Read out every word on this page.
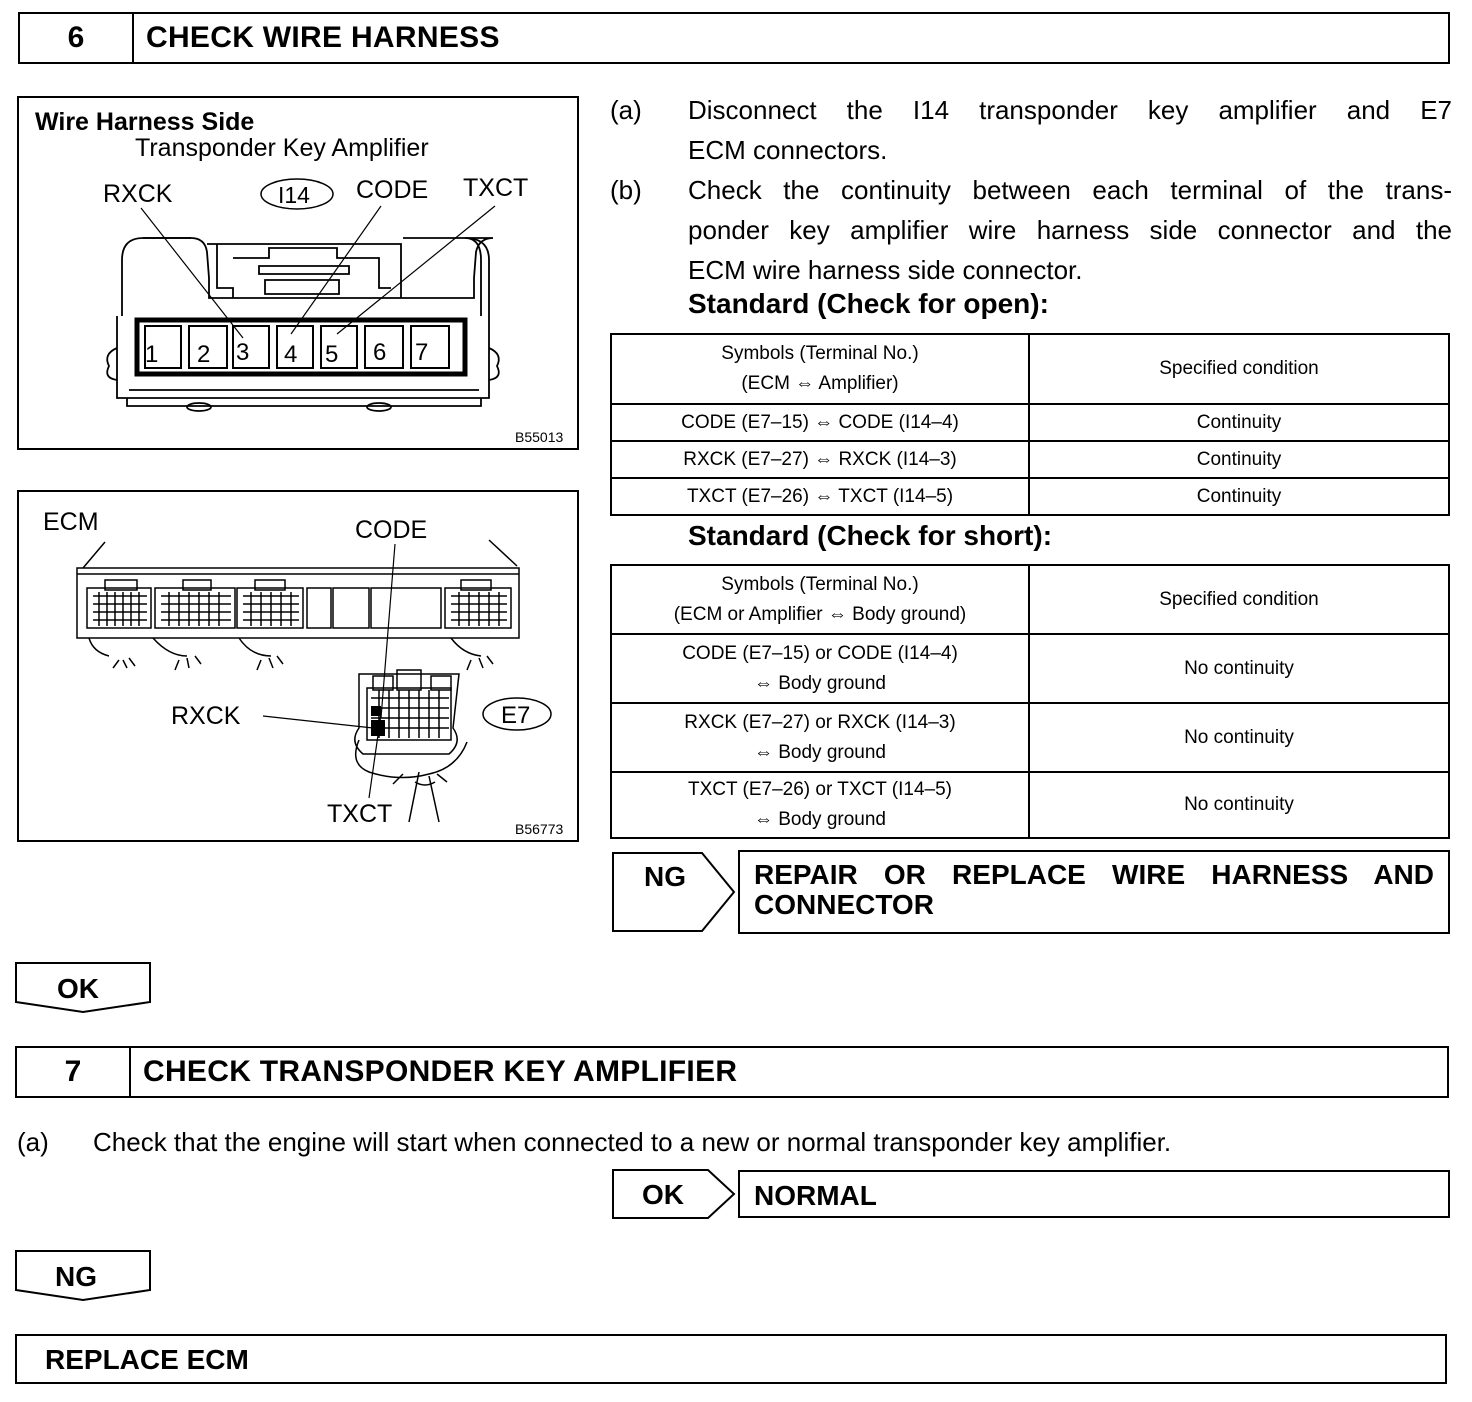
6	CHECK WIRE HARNESS
Wire Harness Side
Transponder Key Amplifier
RXCK	I14 CODE TXCT
1 2 3 4 5 6 7
B55013
ECM	CODE
E7
RXCK
TXCT
B56773
(a) Disconnect the I14 transponder key amplifier and E7
ECM connectors.
(b) Check the continuity between each terminal of the trans-
ponder key amplifier wire harness side connector and the
ECM wire harness side connector.
Standard (Check for open):
Symbols (Terminal No.)
(ECM ⇔ Amplifier)	Specified condition
CODE (E7–15) ⇔ CODE (I14–4)	Continuity
RXCK (E7–27) ⇔ RXCK (I14–3)	Continuity
TXCT (E7–26) ⇔ TXCT (I14–5)	Continuity
Standard (Check for short):
Symbols (Terminal No.)
(ECM or Amplifier ⇔ Body ground)	Specified condition

CODE (E7–15) or CODE (I14–4)
⇔ Body ground	No continuity

RXCK (E7–27) or RXCK (I14–3)
⇔ Body ground	No continuity

TXCT (E7–26) or TXCT (I14–5)
⇔ Body ground	No continuity
NG REPAIR OR REPLACE WIRE HARNESS AND
CONNECTOR
OK
7	CHECK TRANSPONDER KEY AMPLIFIER
(a) Check that the engine will start when connected to a new or normal transponder key amplifier.
OK	NORMAL
NG
REPLACE ECM
